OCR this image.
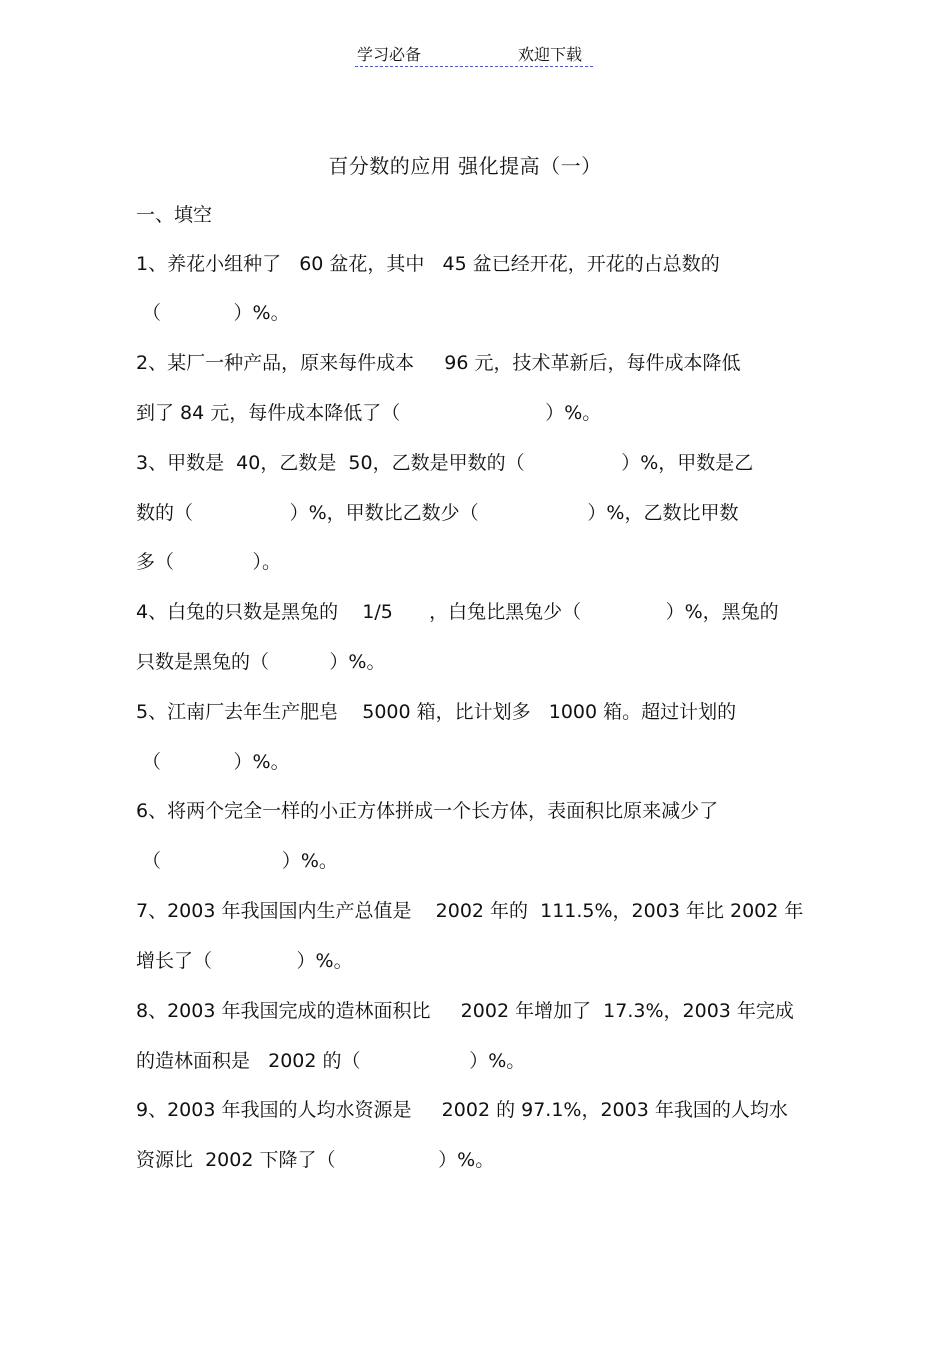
学习必备	欢迎下载
百分数的应用 强化提高（一）
一、填空
1、养花小组种了   60 盆花，其中   45 盆已经开花，开花的占总数的
（            ）%。
2、某厂一种产品，原来每件成本     96 元，技术革新后，每件成本降低
到了 84 元，每件成本降低了（                        ）%。
3、甲数是  40，乙数是  50，乙数是甲数的（                ）%，甲数是乙
数的（                ）%，甲数比乙数少（                  ）%，乙数比甲数
多（             ）。
4、白兔的只数是黑兔的    1/5      ，白兔比黑兔少（              ）%，黑兔的
只数是黑兔的（          ）%。
5、江南厂去年生产肥皂    5000 箱，比计划多   1000 箱。超过计划的
（            ）%。
6、将两个完全一样的小正方体拼成一个长方体，表面积比原来减少了
（                    ）%。
7、2003 年我国国内生产总值是    2002 年的  111.5%，2003 年比 2002 年
增长了（              ）%。
8、2003 年我国完成的造林面积比     2002 年增加了  17.3%，2003 年完成
的造林面积是   2002 的（                  ）%。
9、2003 年我国的人均水资源是     2002 的 97.1%，2003 年我国的人均水
资源比  2002 下降了（                 ）%。
